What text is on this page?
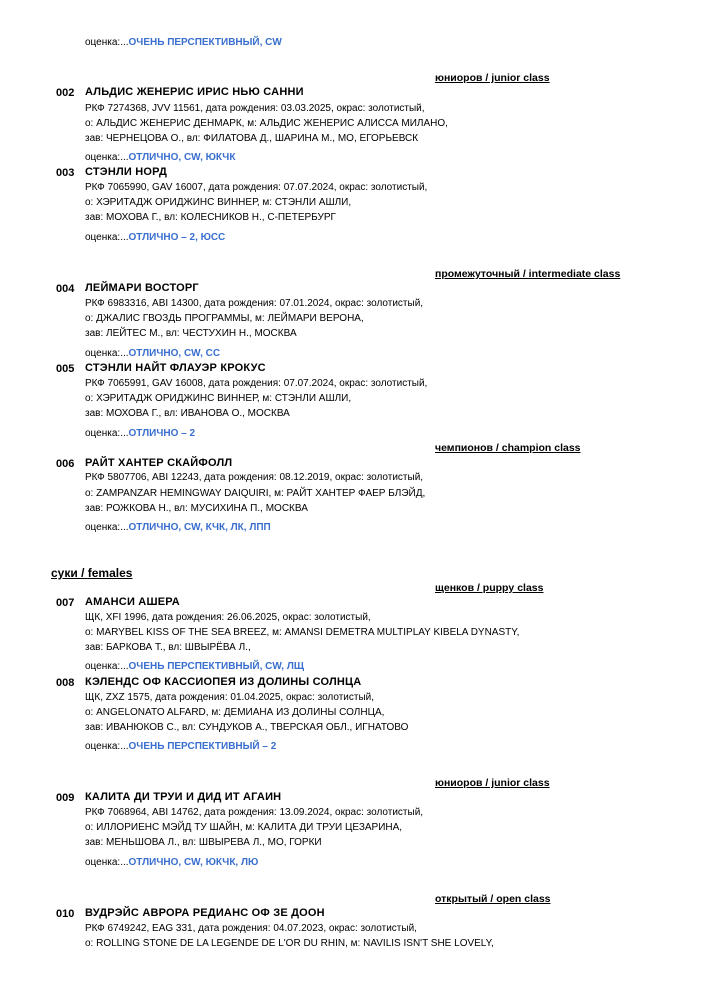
оценка:...ОЧЕНЬ ПЕРСПЕКТИВНЫЙ, CW
юниоров / junior class
002 АЛЬДИС ЖЕНЕРИС ИРИС НЬЮ САННИ
РКФ 7274368, JVV 11561, дата рождения: 03.03.2025, окрас: золотистый,
о: АЛЬДИС ЖЕНЕРИС ДЕНМАРК, м: АЛЬДИС ЖЕНЕРИС АЛИССА МИЛАНО,
зав: ЧЕРНЕЦОВА О., вл: ФИЛАТОВА Д., ШАРИНА М., МО, ЕГОРЬЕВСК
оценка:...ОТЛИЧНО, CW, ЮКЧК
003 СТЭНЛИ НОРД
РКФ 7065990, GAV 16007, дата рождения: 07.07.2024, окрас: золотистый,
о: ХЭРИТАДЖ ОРИДЖИНС ВИННЕР, м: СТЭНЛИ АШЛИ,
зав: МОХОВА Г., вл: КОЛЕСНИКОВ Н., С-ПЕТЕРБУРГ
оценка:...ОТЛИЧНО – 2, ЮСС
промежуточный / intermediate class
004 ЛЕЙМАРИ ВОСТОРГ
РКФ 6983316, ABI 14300, дата рождения: 07.01.2024, окрас: золотистый,
о: ДЖАЛИС ГВОЗДЬ ПРОГРАММЫ, м: ЛЕЙМАРИ ВЕРОНА,
зав: ЛЕЙТЕС М., вл: ЧЕСТУХИН Н., МОСКВА
оценка:...ОТЛИЧНО, CW, CC
005 СТЭНЛИ НАЙТ ФЛАУЭР КРОКУС
РКФ 7065991, GAV 16008, дата рождения: 07.07.2024, окрас: золотистый,
о: ХЭРИТАДЖ ОРИДЖИНС ВИННЕР, м: СТЭНЛИ АШЛИ,
зав: МОХОВА Г., вл: ИВАНОВА О., МОСКВА
оценка:...ОТЛИЧНО – 2
чемпионов / champion class
006 РАЙТ ХАНТЕР СКАЙФОЛЛ
РКФ 5807706, ABI 12243, дата рождения: 08.12.2019, окрас: золотистый,
о: ZAMPANZAR HEMINGWAY DAIQUIRI, м: РАЙТ ХАНТЕР ФАЕР БЛЭЙД,
зав: РОЖКОВА Н., вл: МУСИХИНА П., МОСКВА
оценка:...ОТЛИЧНО, CW, КЧК, ЛК, ЛПП
суки / females
щенков / puppy class
007 АМАНСИ АШЕРА
ЩК, XFI 1996, дата рождения: 26.06.2025, окрас: золотистый,
о: MARYBEL KISS OF THE SEA BREEZ, м: AMANSI DEMETRA MULTIPLAY KIBELA DYNASTY,
зав: БАРКОВА Т., вл: ШВЫРЁВА Л.,
оценка:...ОЧЕНЬ ПЕРСПЕКТИВНЫЙ, CW, ЛЩ
008 КЭЛЕНДС ОФ КАССИОПЕЯ ИЗ ДОЛИНЫ СОЛНЦА
ЩК, ZXZ 1575, дата рождения: 01.04.2025, окрас: золотистый,
о: ANGELONATO ALFARD, м: ДЕМИАНА ИЗ ДОЛИНЫ СОЛНЦА,
зав: ИВАНЮКОВ С., вл: СУНДУКОВ А., ТВЕРСКАЯ ОБЛ., ИГНАТОВО
оценка:...ОЧЕНЬ ПЕРСПЕКТИВНЫЙ – 2
юниоров / junior class
009 КАЛИТА ДИ ТРУИ И ДИД ИТ АГАИН
РКФ 7068964, ABI 14762, дата рождения: 13.09.2024, окрас: золотистый,
о: ИЛЛОРИЕНС МЭЙД ТУ ШАЙН, м: КАЛИТА ДИ ТРУИ ЦЕЗАРИНА,
зав: МЕНЬШОВА Л., вл: ШВЫРЕВА Л., МО, ГОРКИ
оценка:...ОТЛИЧНО, CW, ЮКЧК, ЛЮ
открытый / open class
010 ВУДРЭЙС АВРОРА РЕДИАНС ОФ ЗЕ ДООН
РКФ 6749242, EAG 331, дата рождения: 04.07.2023, окрас: золотистый,
о: ROLLING STONE DE LA LEGENDE DE L'OR DU RHIN, м: NAVILIS ISN'T SHE LOVELY,
